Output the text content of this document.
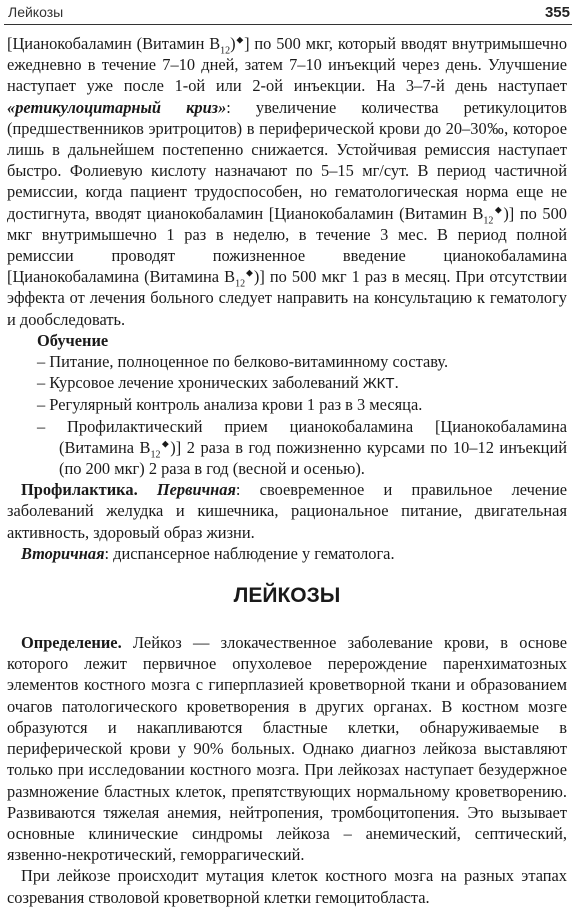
Лейкозы	355

[Цианокобаламин (Витамин $В_{12})^◆$] по 500 мкг, который вводят внутримышечно ежедневно в течение 7–10 дней, затем 7–10 инъекций через день. Улучшение наступает уже после 1-ой или 2-ой инъекции. На 3–7-й день наступает «ретикулоцитарный криз»: увеличение количества ретикулоцитов (предшественников эритроцитов) в периферической крови до 20–30‰, которое лишь в дальнейшем постепенно снижается. Устойчивая ремиссия наступает быстро. Фолиевую кислоту назначают по 5–15 мг/сут. В период частичной ремиссии, когда пациент трудоспособен, но гематологическая норма еще не достигнута, вводят цианокобаламин [Цианокобаламин (Витамин $В_{12}^◆$)] по 500 мкг внутримышечно 1 раз в неделю, в течение 3 мес. В период полной ремиссии проводят пожизненное введение цианокобаламина [Цианокобаламина (Витамина $В_{12}^◆$)] по 500 мкг 1 раз в месяц. При отсутствии эффекта от лечения больного следует направить на консультацию к гематологу и дообследовать.

Обучение

– Питание, полноценное по белково-витаминному составу.

– Курсовое лечение хронических заболеваний ЖКТ.

– Регулярный контроль анализа крови 1 раз в 3 месяца.

– Профилактический прием цианокобаламина [Цианокобаламина (Витамина $В_{12}^◆$)] 2 раза в год пожизненно курсами по 10–12 инъекций (по 200 мкг) 2 раза в год (весной и осенью).

Профилактика. Первичная: своевременное и правильное лечение заболеваний желудка и кишечника, рациональное питание, двигательная активность, здоровый образ жизни.

Вторичная: диспансерное наблюдение у гематолога.

ЛЕЙКОЗЫ

Определение. Лейкоз — злокачественное заболевание крови, в основе которого лежит первичное опухолевое перерождение паренхиматозных элементов костного мозга с гиперплазией кроветворной ткани и образованием очагов патологического кроветворения в других органах. В костном мозге образуются и накапливаются бластные клетки, обнаруживаемые в периферической крови у 90% больных. Однако диагноз лейкоза выставляют только при исследовании костного мозга. При лейкозах наступает безудержное размножение бластных клеток, препятствующих нормальному кроветворению. Развиваются тяжелая анемия, нейтропения, тромбоцитопения. Это вызывает основные клинические синдромы лейкоза – анемический, септический, язвенно-некротический, геморрагический.

При лейкозе происходит мутация клеток костного мозга на разных этапах созревания стволовой кроветворной клетки гемоцитобласта.
